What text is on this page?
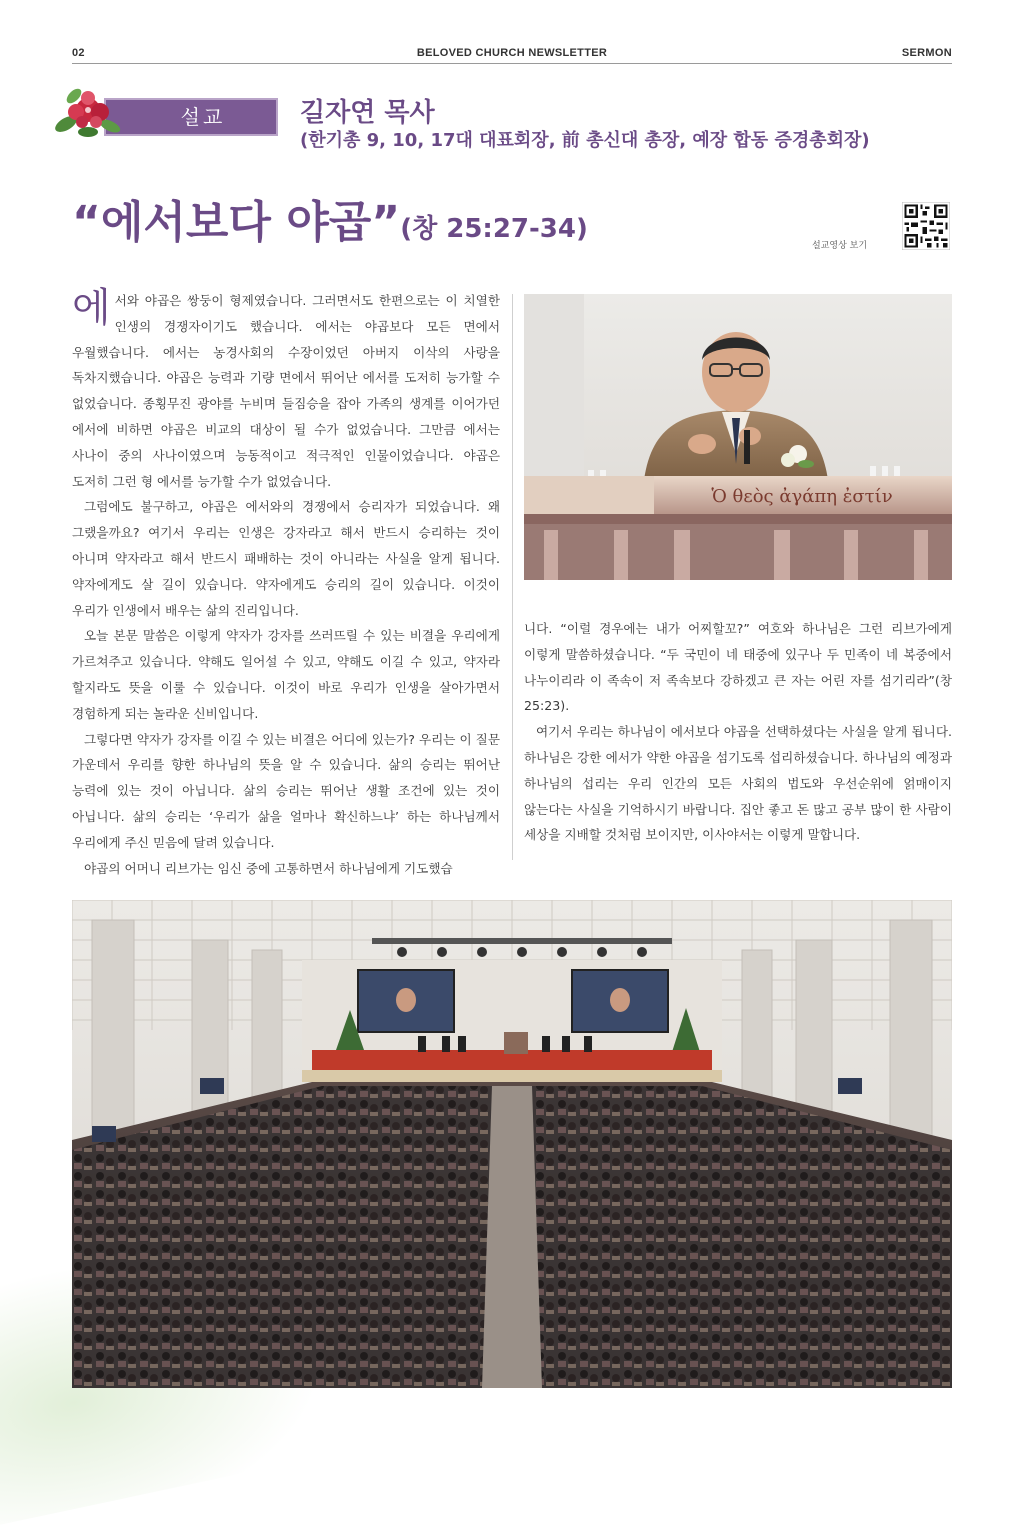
02	BELOVED CHURCH NEWSLETTER	SERMON
설교	길자연 목사
(한기총 9, 10, 17대 대표회장, 前 총신대 총장, 예장 합동 증경총회장)
“에서보다 야곱”(창 25:27-34)
설교영상 보기

에서와 야곱은 쌍둥이 형제였습니다. 그러면서도 한편으로는 이 치열한 인생의 경쟁자이기도 했습니다. 에서는 야곱보다 모든 면에서 우월했습니다. 에서는 농경사회의 수장이었던 아버지 이삭의 사랑을 독차지했습니다. 야곱은 능력과 기량 면에서 뛰어난 에서를 도저히 능가할 수 없었습니다. 종횡무진 광야를 누비며 들짐승을 잡아 가족의 생계를 이어가던 에서에 비하면 야곱은 비교의 대상이 될 수가 없었습니다. 그만큼 에서는 사나이 중의 사나이였으며 능동적이고 적극적인 인물이었습니다. 야곱은 도저히 그런 형 에서를 능가할 수가 없었습니다.

그럼에도 불구하고, 야곱은 에서와의 경쟁에서 승리자가 되었습니다. 왜 그랬을까요? 여기서 우리는 인생은 강자라고 해서 반드시 승리하는 것이 아니며 약자라고 해서 반드시 패배하는 것이 아니라는 사실을 알게 됩니다. 약자에게도 살 길이 있습니다. 약자에게도 승리의 길이 있습니다. 이것이 우리가 인생에서 배우는 삶의 진리입니다.

오늘 본문 말씀은 이렇게 약자가 강자를 쓰러뜨릴 수 있는 비결을 우리에게 가르쳐주고 있습니다. 약해도 일어설 수 있고, 약해도 이길 수 있고, 약자라 할지라도 뜻을 이룰 수 있습니다. 이것이 바로 우리가 인생을 살아가면서 경험하게 되는 놀라운 신비입니다.

그렇다면 약자가 강자를 이길 수 있는 비결은 어디에 있는가? 우리는 이 질문 가운데서 우리를 향한 하나님의 뜻을 알 수 있습니다. 삶의 승리는 뛰어난 능력에 있는 것이 아닙니다. 삶의 승리는 뛰어난 생활 조건에 있는 것이 아닙니다. 삶의 승리는 ‘우리가 삶을 얼마나 확신하느냐’ 하는 하나님께서 우리에게 주신 믿음에 달려 있습니다.

야곱의 어머니 리브가는 임신 중에 고통하면서 하나님에게 기도했습

Ὁ θεὸς ἀγάπη ἐστίν

니다. “이럴 경우에는 내가 어찌할꼬?” 여호와 하나님은 그런 리브가에게 이렇게 말씀하셨습니다. “두 국민이 네 태중에 있구나 두 민족이 네 복중에서 나누이리라 이 족속이 저 족속보다 강하겠고 큰 자는 어린 자를 섬기리라”(창 25:23).

여기서 우리는 하나님이 에서보다 야곱을 선택하셨다는 사실을 알게 됩니다. 하나님은 강한 에서가 약한 야곱을 섬기도록 섭리하셨습니다. 하나님의 예정과 하나님의 섭리는 우리 인간의 모든 사회의 법도와 우선순위에 얽매이지 않는다는 사실을 기억하시기 바랍니다. 집안 좋고 돈 많고 공부 많이 한 사람이 세상을 지배할 것처럼 보이지만, 이사야서는 이렇게 말합니다.
